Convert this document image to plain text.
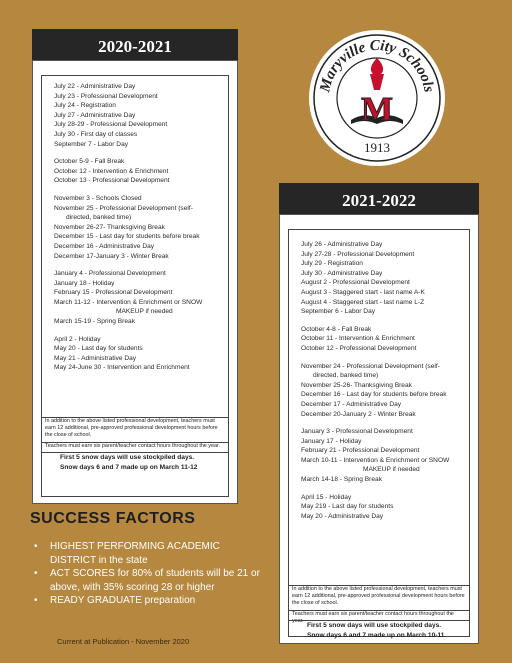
2020-2021
July 22 - Administrative Day
July 23 - Professional Development
July 24 - Registration
July 27 - Administrative Day
July 28-29 - Professional Development
July 30 - First day of classes
September 7 - Labor Day
October 5-9 - Fall Break
October 12 - Intervention & Enrichment
October 13 - Professional Development
November 3 - Schools Closed
November 25 - Professional Development (self-
directed, banked time)
November 26-27- Thanksgiving Break
December 15 - Last day for students before break
December 16 - Administrative Day
December 17-January 3 - Winter Break
January 4 - Professional Development
January 18 - Holiday
February 15 - Professional Development
March 11-12 - Intervention & Enrichment or SNOW
MAKEUP if needed
March 15-19 - Spring Break
April 2 - Holiday
May 20 - Last day for students
May 21 - Administrative Day
May 24-June 30 - Intervention and Enrichment
In addition to the above listed professional development, teachers must earn 12 additional, pre-approved professional development hours before the close of school.
Teachers must earn six parent/teacher contact hours throughout the year.
First 5 snow days will use stockpiled days.
Snow days 6 and 7 made up on March 11-12
Maryville City Schools
1913
M
2021-2022
July 26 - Administrative Day
July 27-28 - Professional Development
July 29 - Registration
July 30 - Administrative Day
August 2 - Professional Development
August 3 - Staggered start - last name A-K
August 4 - Staggered start - last name L-Z
September 6 - Labor Day
October 4-8 - Fall Break
October 11 - Intervention & Enrichment
October 12 - Professional Development
November 24 - Professional Development (self-
directed, banked time)
November 25-26- Thanksgiving Break
December 16 - Last day for students before break
December 17 - Administrative Day
December 20-January 2 - Winter Break
January 3 - Professional Development
January 17 - Holiday
February 21 - Professional Development
March 10-11 - Intervention & Enrichment or SNOW
MAKEUP if needed
March 14-18 - Spring Break
April 15 - Holiday
May 219 - Last day for students
May 20 - Administrative Day
In addition to the above listed professional development, teachers must earn 12 additional, pre-approved professional development hours before the close of school.
Teachers must earn six parent/teacher contact hours throughout the year.
First 5 snow days will use stockpiled days.
Snow days 6 and 7 made up on March 10-11
SUCCESS FACTORS
• HIGHEST PERFORMING ACADEMIC DISTRICT in the state
• ACT SCORES for 80% of students will be 21 or above, with 35% scoring 28 or higher
• READY GRADUATE preparation
Current at Publication - November 2020
